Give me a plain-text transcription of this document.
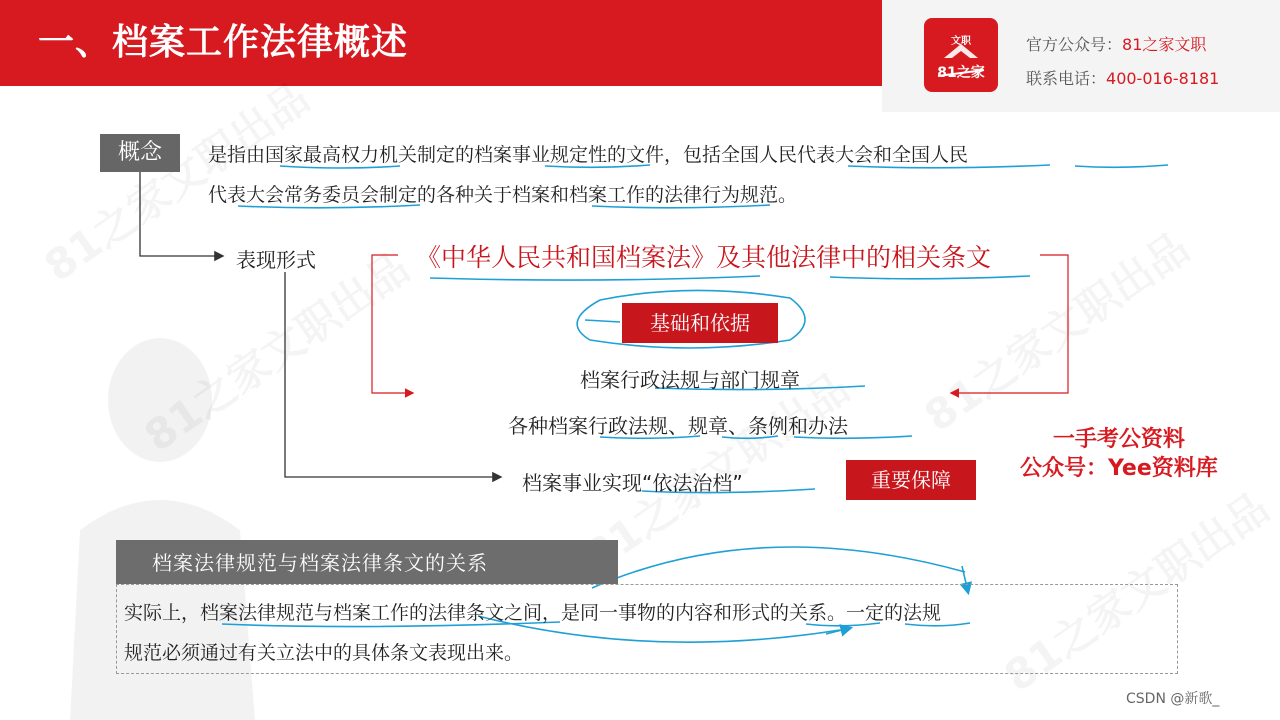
一、档案工作法律概述	文职
81之家
官方公众号：81之家文职
联系电话：400-016-8181
概念	是指由国家最高权力机关制定的档案事业规定性的文件，包括全国人民代表大会和全国人民
代表大会常务委员会制定的各种关于档案和档案工作的法律行为规范。
表现形式	《中华人民共和国档案法》及其他法律中的相关条文
基础和依据
档案行政法规与部门规章
各种档案行政法规、规章、条例和办法
档案事业实现“依法治档”	重要保障
一手考公资料
公众号：Yee资料库
档案法律规范与档案法律条文的关系
实际上，档案法律规范与档案工作的法律条文之间，是同一事物的内容和形式的关系。一定的法规
规范必须通过有关立法中的具体条文表现出来。
CSDN @新歌_
